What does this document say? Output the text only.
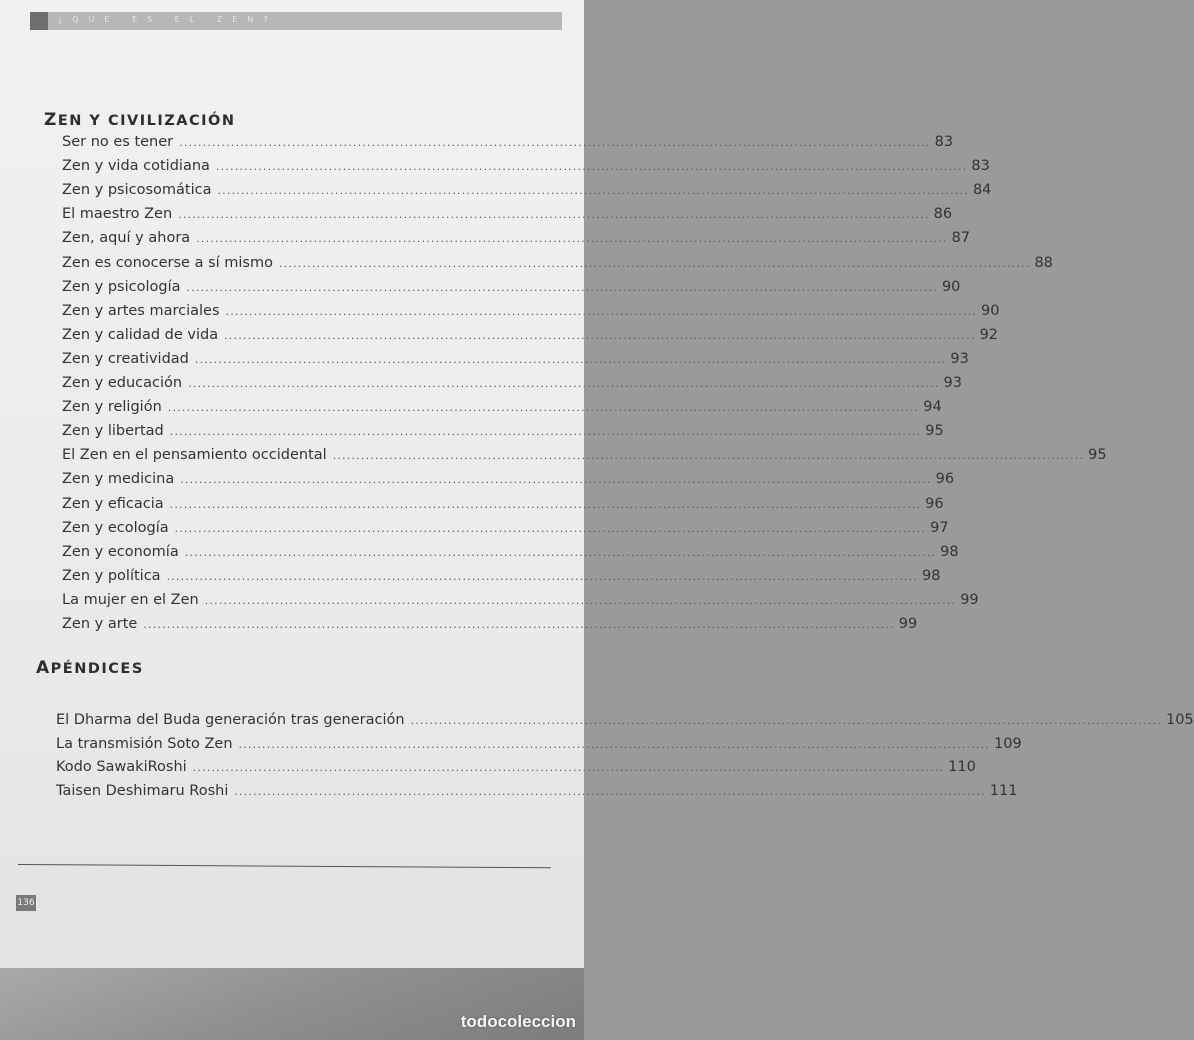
¿QUÉ ES EL ZEN?
ZEN Y CIVILIZACIÓN
Ser no es tener ................................................................................................................................................................ 83
Zen y vida cotidiana ................................................................................................................................................................ 83
Zen y psicosomática ................................................................................................................................................................ 84
El maestro Zen ................................................................................................................................................................ 86
Zen, aquí y ahora ................................................................................................................................................................ 87
Zen es conocerse a sí mismo ................................................................................................................................................................ 88
Zen y psicología ................................................................................................................................................................ 90
Zen y artes marciales ................................................................................................................................................................ 90
Zen y calidad de vida ................................................................................................................................................................ 92
Zen y creatividad ................................................................................................................................................................ 93
Zen y educación ................................................................................................................................................................ 93
Zen y religión ................................................................................................................................................................ 94
Zen y libertad ................................................................................................................................................................ 95
El Zen en el pensamiento occidental ................................................................................................................................................................ 95
Zen y medicina ................................................................................................................................................................ 96
Zen y eficacia ................................................................................................................................................................ 96
Zen y ecología ................................................................................................................................................................ 97
Zen y economía ................................................................................................................................................................ 98
Zen y política ................................................................................................................................................................ 98
La mujer en el Zen ................................................................................................................................................................ 99
Zen y arte ................................................................................................................................................................ 99
APÉNDICES
El Dharma del Buda generación tras generación ................................................................................................................................................................ 105
La transmisión Soto Zen ................................................................................................................................................................ 109
Kodo SawakiRoshi ................................................................................................................................................................ 110
Taisen Deshimaru Roshi ................................................................................................................................................................ 111
136
todocoleccion
